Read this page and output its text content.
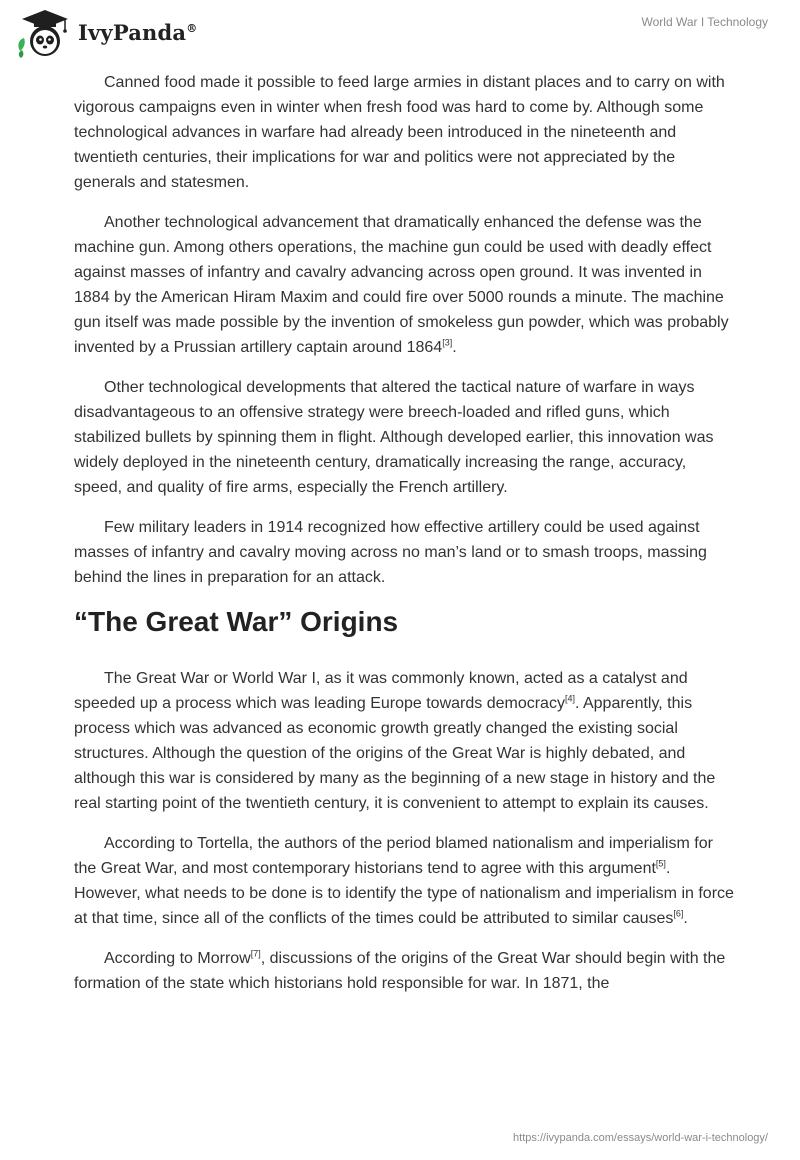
IvyPanda®	World War I Technology

Canned food made it possible to feed large armies in distant places and to carry on with vigorous campaigns even in winter when fresh food was hard to come by. Although some technological advances in warfare had already been introduced in the nineteenth and twentieth centuries, their implications for war and politics were not appreciated by the generals and statesmen.

Another technological advancement that dramatically enhanced the defense was the machine gun. Among others operations, the machine gun could be used with deadly effect against masses of infantry and cavalry advancing across open ground. It was invented in 1884 by the American Hiram Maxim and could fire over 5000 rounds a minute. The machine gun itself was made possible by the invention of smokeless gun powder, which was probably invented by a Prussian artillery captain around 1864[3].

Other technological developments that altered the tactical nature of warfare in ways disadvantageous to an offensive strategy were breech-loaded and rifled guns, which stabilized bullets by spinning them in flight. Although developed earlier, this innovation was widely deployed in the nineteenth century, dramatically increasing the range, accuracy, speed, and quality of fire arms, especially the French artillery.

Few military leaders in 1914 recognized how effective artillery could be used against masses of infantry and cavalry moving across no man’s land or to smash troops, massing behind the lines in preparation for an attack.

“The Great War” Origins

The Great War or World War I, as it was commonly known, acted as a catalyst and speeded up a process which was leading Europe towards democracy[4]. Apparently, this process which was advanced as economic growth greatly changed the existing social structures. Although the question of the origins of the Great War is highly debated, and although this war is considered by many as the beginning of a new stage in history and the real starting point of the twentieth century, it is convenient to attempt to explain its causes.

According to Tortella, the authors of the period blamed nationalism and imperialism for the Great War, and most contemporary historians tend to agree with this argument[5]. However, what needs to be done is to identify the type of nationalism and imperialism in force at that time, since all of the conflicts of the times could be attributed to similar causes[6].

According to Morrow[7], discussions of the origins of the Great War should begin with the formation of the state which historians hold responsible for war. In 1871, the

https://ivypanda.com/essays/world-war-i-technology/
